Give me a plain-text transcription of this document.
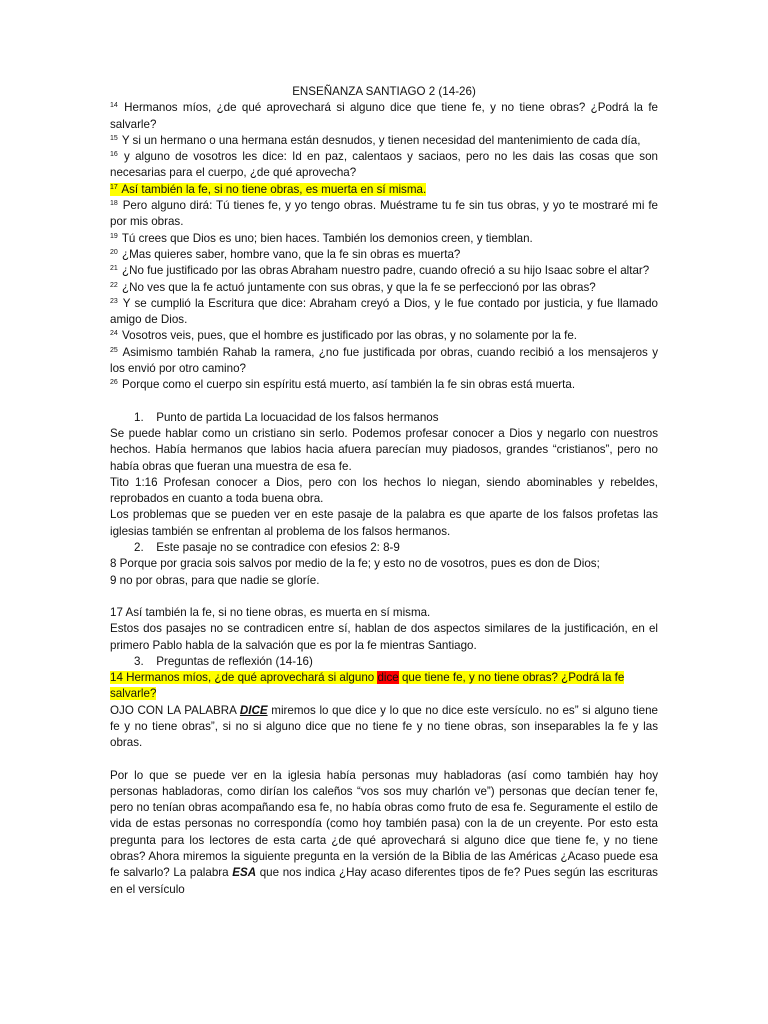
ENSEÑANZA SANTIAGO 2 (14-26)

$^{14}$ Hermanos míos, ¿de qué aprovechará si alguno dice que tiene fe, y no tiene obras? ¿Podrá la fe salvarle?

$^{15}$ Y si un hermano o una hermana están desnudos, y tienen necesidad del mantenimiento de cada día,

$^{16}$ y alguno de vosotros les dice: Id en paz, calentaos y saciaos, pero no les dais las cosas que son necesarias para el cuerpo, ¿de qué aprovecha?

$^{17}$ Así también la fe, si no tiene obras, es muerta en sí misma.

$^{18}$ Pero alguno dirá: Tú tienes fe, y yo tengo obras. Muéstrame tu fe sin tus obras, y yo te mostraré mi fe por mis obras.

$^{19}$ Tú crees que Dios es uno; bien haces. También los demonios creen, y tiemblan.

$^{20}$ ¿Mas quieres saber, hombre vano, que la fe sin obras es muerta?

$^{21}$ ¿No fue justificado por las obras Abraham nuestro padre, cuando ofreció a su hijo Isaac sobre el altar?

$^{22}$ ¿No ves que la fe actuó juntamente con sus obras, y que la fe se perfeccionó por las obras?

$^{23}$ Y se cumplió la Escritura que dice: Abraham creyó a Dios, y le fue contado por justicia, y fue llamado amigo de Dios.

$^{24}$ Vosotros veis, pues, que el hombre es justificado por las obras, y no solamente por la fe.

$^{25}$ Asimismo también Rahab la ramera, ¿no fue justificada por obras, cuando recibió a los mensajeros y los envió por otro camino?

$^{26}$ Porque como el cuerpo sin espíritu está muerto, así también la fe sin obras está muerta.

1. Punto de partida La locuacidad de los falsos hermanos

Se puede hablar como un cristiano sin serlo. Podemos profesar conocer a Dios y negarlo con nuestros hechos. Había hermanos que labios hacia afuera parecían muy piadosos, grandes “cristianos”, pero no había obras que fueran una muestra de esa fe.

Tito 1:16 Profesan conocer a Dios, pero con los hechos lo niegan, siendo abominables y rebeldes, reprobados en cuanto a toda buena obra.

Los problemas que se pueden ver en este pasaje de la palabra es que aparte de los falsos profetas las iglesias también se enfrentan al problema de los falsos hermanos.

2. Este pasaje no se contradice con efesios 2: 8-9

8 Porque por gracia sois salvos por medio de la fe; y esto no de vosotros, pues es don de Dios;

9 no por obras, para que nadie se gloríe.

17 Así también la fe, si no tiene obras, es muerta en sí misma.

Estos dos pasajes no se contradicen entre sí, hablan de dos aspectos similares de la justificación, en el primero Pablo habla de la salvación que es por la fe mientras Santiago.

3. Preguntas de reflexión (14-16)

14 Hermanos míos, ¿de qué aprovechará si alguno dice que tiene fe, y no tiene obras? ¿Podrá la fe salvarle?

OJO CON LA PALABRA DICE miremos lo que dice y lo que no dice este versículo. no es” si alguno tiene fe y no tiene obras”, si no si alguno dice que no tiene fe y no tiene obras, son inseparables la fe y las obras.

Por lo que se puede ver en la iglesia había personas muy habladoras (así como también hay hoy personas habladoras, como dirían los caleños “vos sos muy charlón ve”) personas que decían tener fe, pero no tenían obras acompañando esa fe, no había obras como fruto de esa fe. Seguramente el estilo de vida de estas personas no correspondía (como hoy también pasa) con la de un creyente. Por esto esta pregunta para los lectores de esta carta ¿de qué aprovechará si alguno dice que tiene fe, y no tiene obras? Ahora miremos la siguiente pregunta en la versión de la Biblia de las Américas ¿Acaso puede esa fe salvarlo? La palabra ESA que nos indica ¿Hay acaso diferentes tipos de fe? Pues según las escrituras en el versículo
